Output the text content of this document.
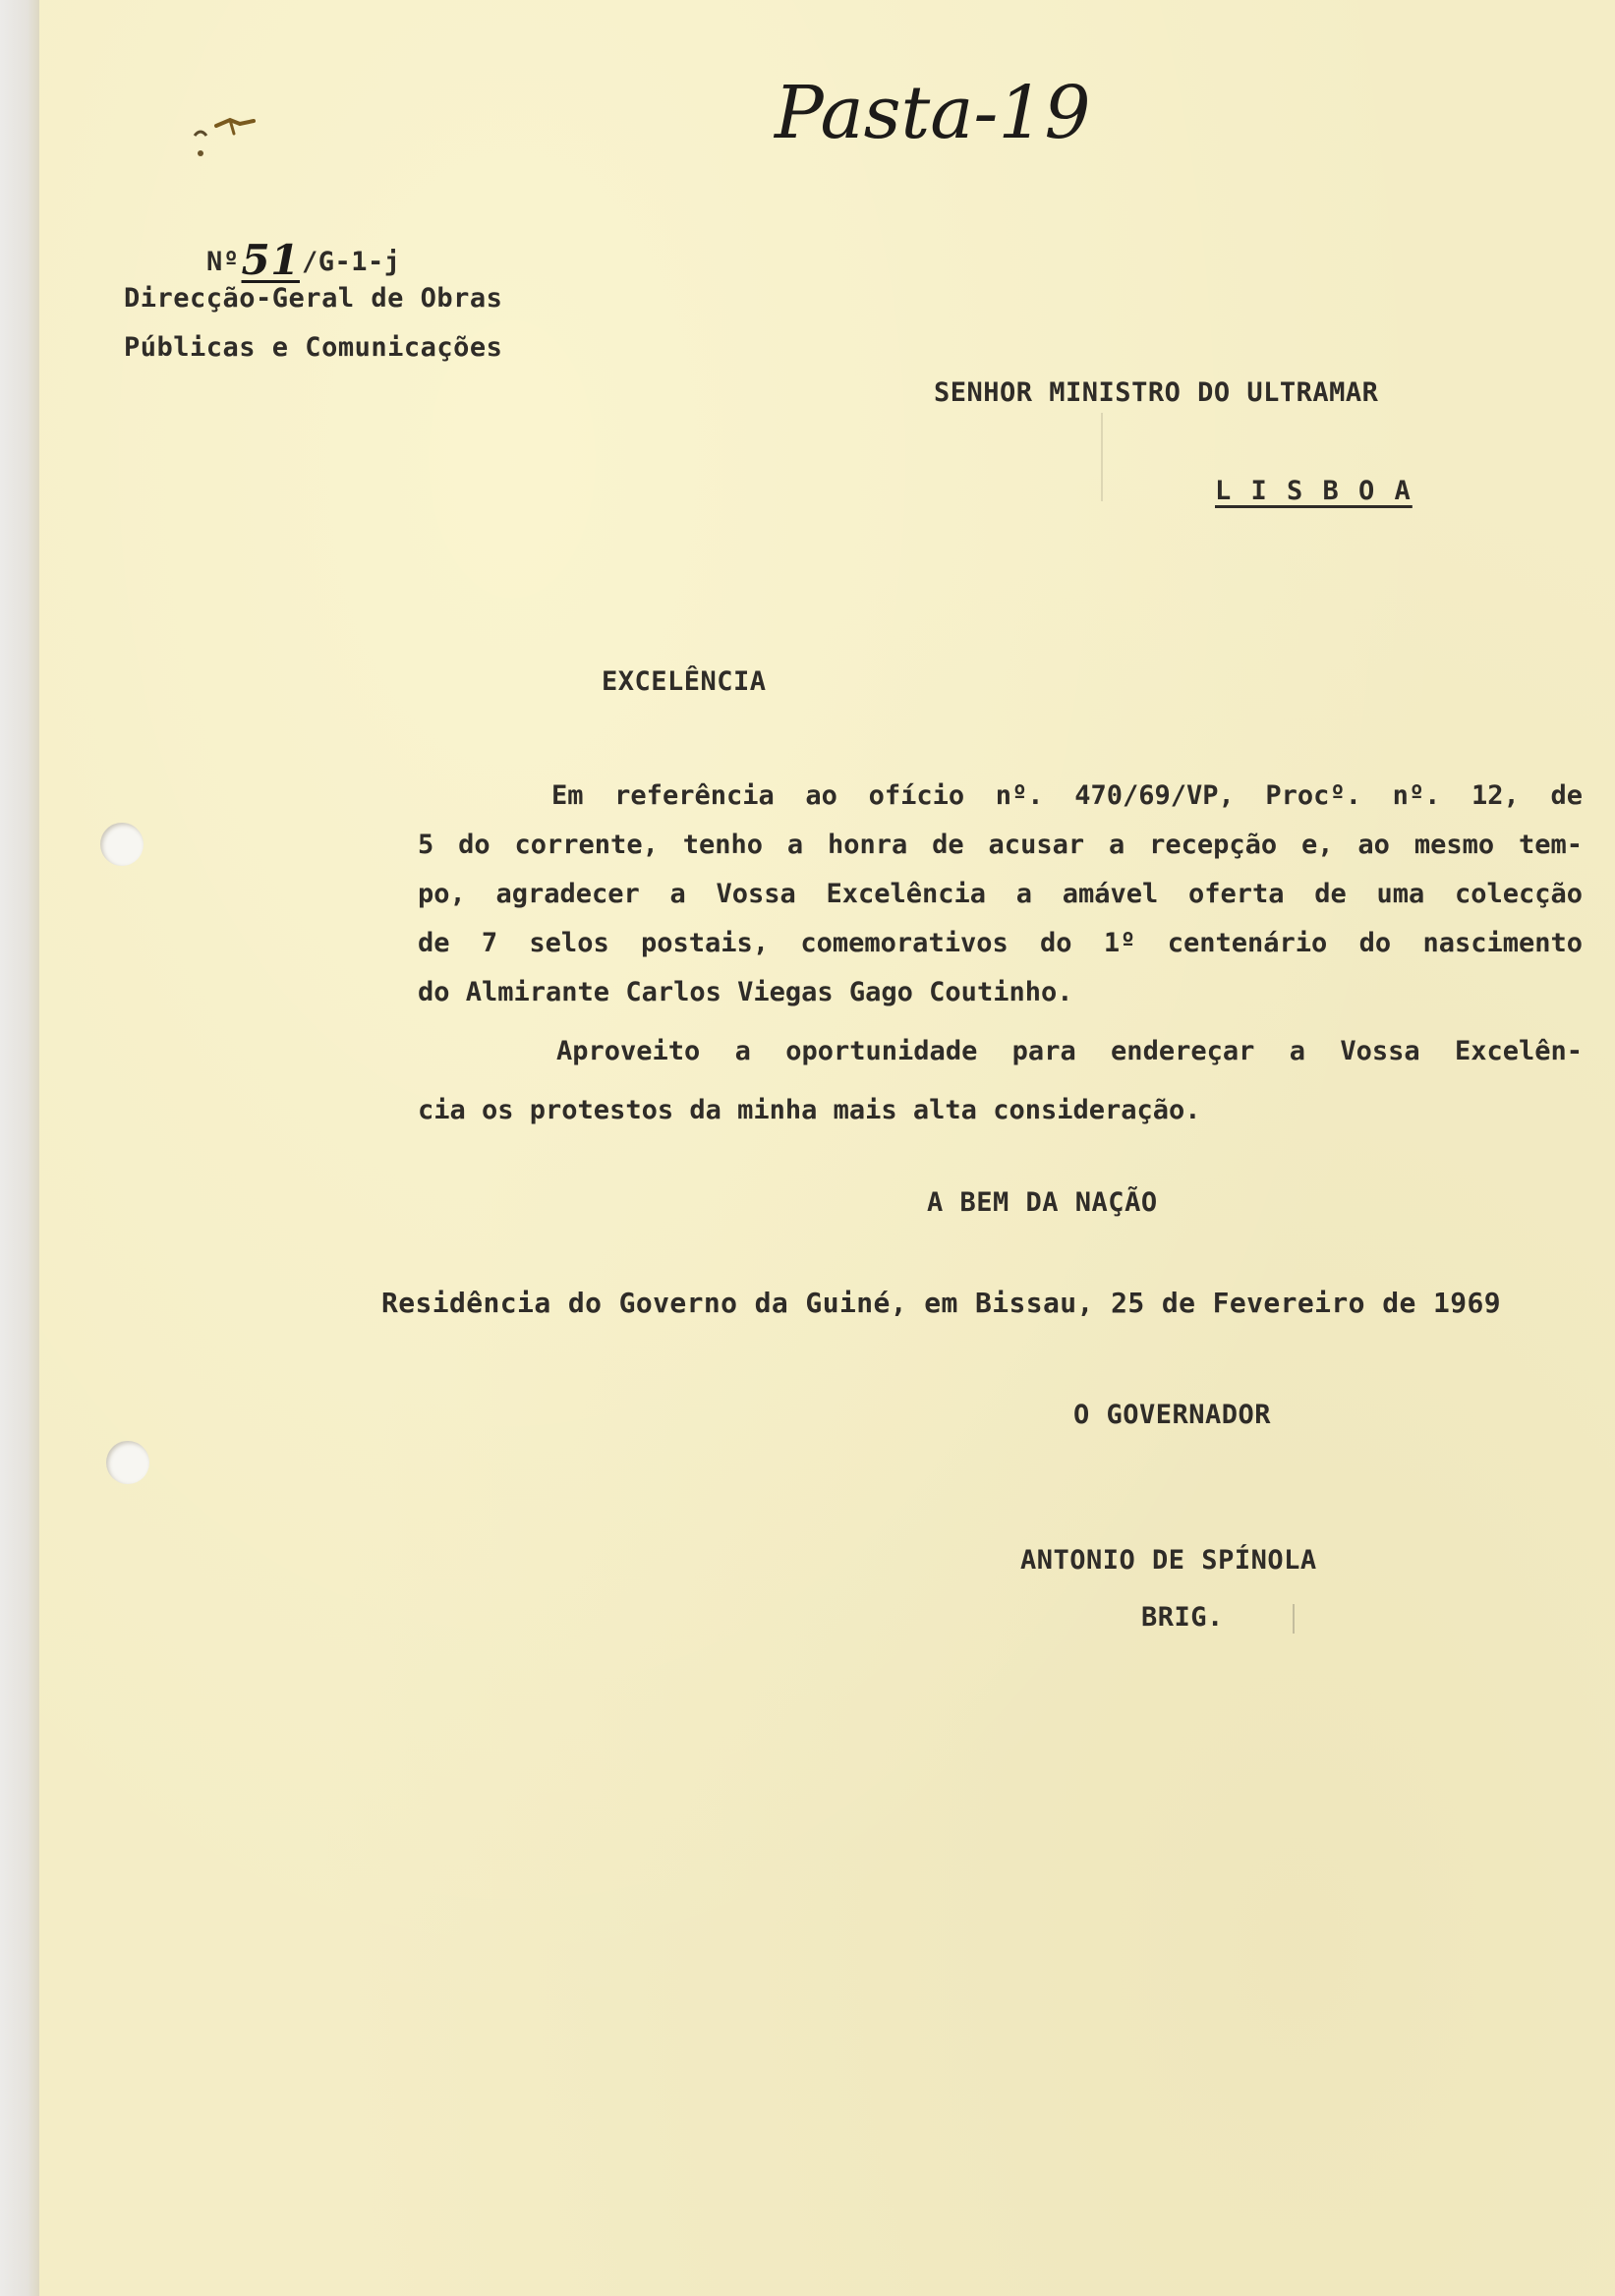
Pasta-19
Nº51/G-1-j
Direcção-Geral de Obras
Públicas e Comunicações
SENHOR MINISTRO DO ULTRAMAR
L I S B O A
EXCELÊNCIA
Em referência ao ofício nº. 470/69/VP, Procº. nº. 12, de
5 do corrente, tenho a honra de acusar a recepção e, ao mesmo tem-
po, agradecer a Vossa Excelência a amável oferta de uma colecção
de 7 selos postais, comemorativos do 1º centenário do nascimento
do Almirante Carlos Viegas Gago Coutinho.
Aproveito a oportunidade para endereçar a Vossa Excelên-
cia os protestos da minha mais alta consideração.
A BEM DA NAÇÃO
Residência do Governo da Guiné, em Bissau, 25 de Fevereiro de 1969
O GOVERNADOR
ANTONIO DE SPÍNOLA
BRIG.
